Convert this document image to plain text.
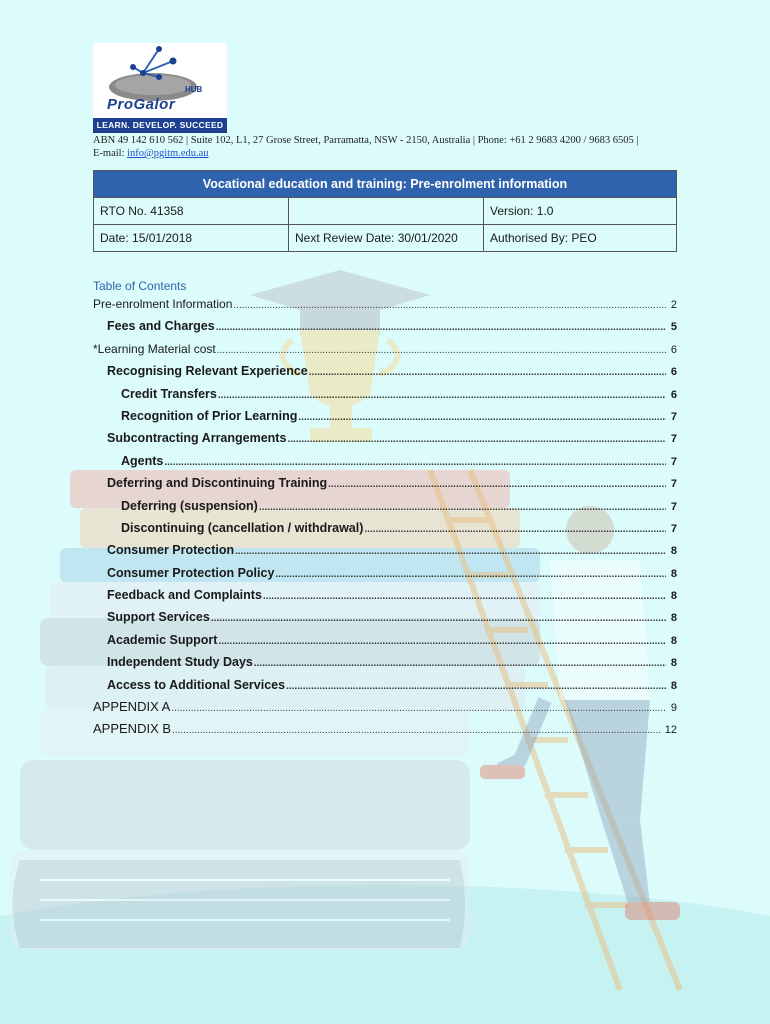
HUB
ProGalor
LEARN. DEVELOP. SUCCEED
ABN 49 142 610 562 | Suite 102, L1, 27 Grose Street, Parramatta, NSW - 2150, Australia | Phone: +61 2 9683 4200 / 9683 6505 |
E-mail: info@pgitm.edu.au
Vocational education and training: Pre-enrolment information		
RTO No. 41358		Version: 1.0
Date: 15/01/2018	Next Review Date: 30/01/2020	Authorised By: PEO
Table of Contents
Pre-enrolment Information .....	2
Fees and Charges .....	5
*Learning Material cost .....	6
Recognising Relevant Experience .....	6
Credit Transfers .....	6
Recognition of Prior Learning .....	7
Subcontracting Arrangements .....	7
Agents .....	7
Deferring and Discontinuing Training .....	7
Deferring (suspension) .....	7
Discontinuing (cancellation / withdrawal) .....	7
Consumer Protection .....	8
Consumer Protection Policy .....	8
Feedback and Complaints .....	8
Support Services .....	8
Academic Support .....	8
Independent Study Days .....	8
Access to Additional Services .....	8
APPENDIX A .....	9
APPENDIX B .....	12
